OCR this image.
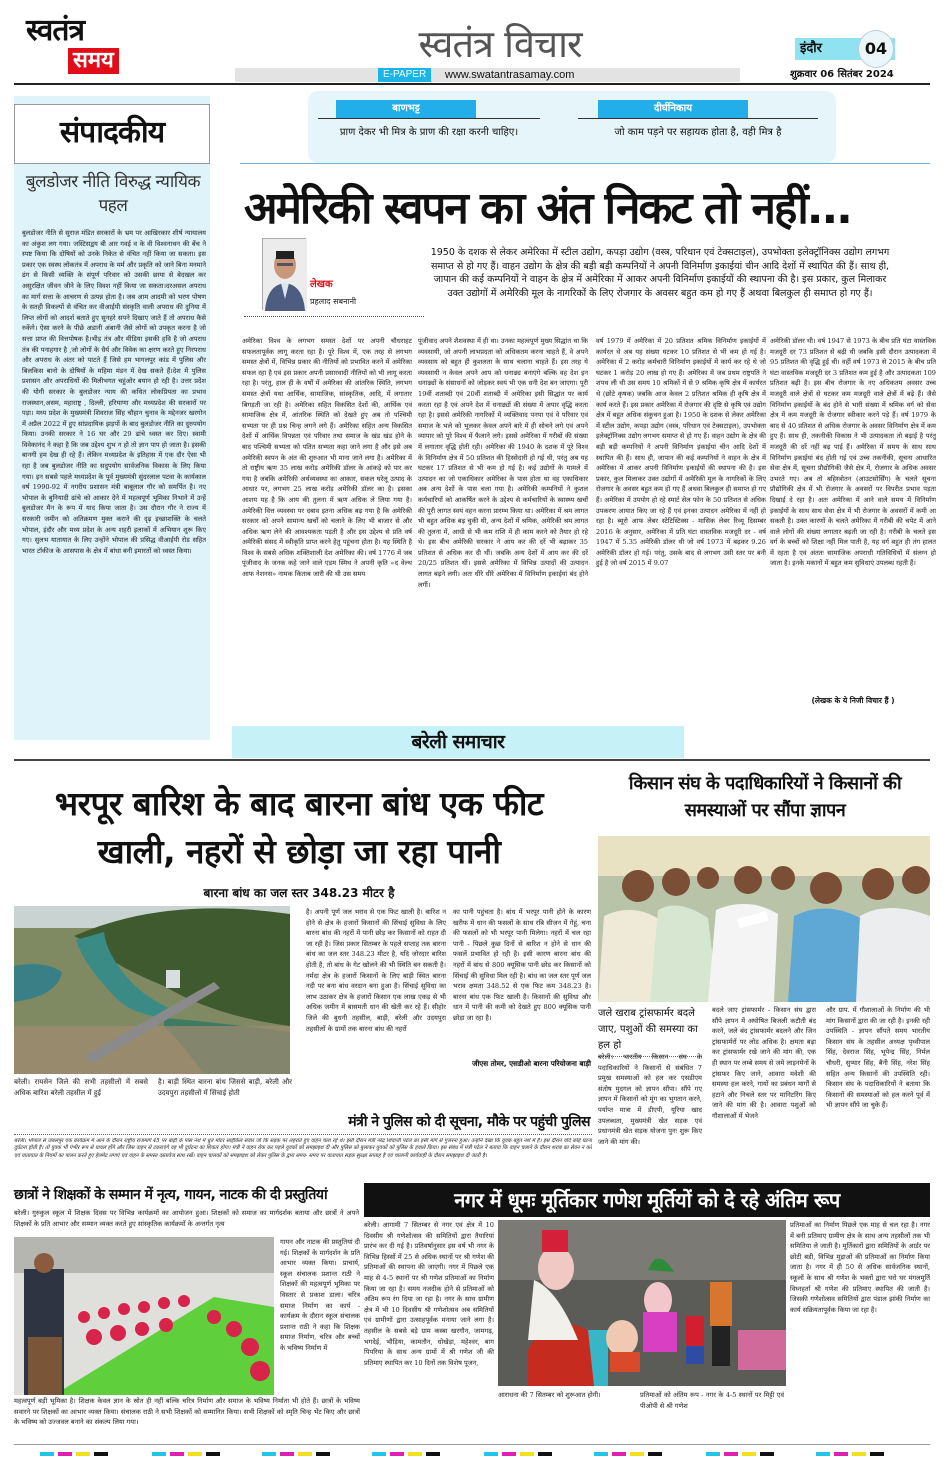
स्वतंत्र
समय	स्वतंत्र विचार
E-PAPER	www.swatantrasamay.com
इंदौर	04
शुक्रवार 06 सितंबर 2024
संपादकीय
बुलडोजर नीति विरुद्ध न्यायिक पहल
बुलडोजर नीति से सुराज मंडित सरकारों के भ्रम पर आखिरकार शीर्ष न्यायालय का अंकुश लग गया। जस्टिसद्वय बी आर गवई व के वी विश्वनाथन की बेंच ने स्पष्ट किया कि दोषियों को उनके निकेत से वंचित नहीं किया जा सकता। इस प्रकार एक स्वस्थ लोकतंत्र में अपराध के मर्म और प्रकृति को जाने बिना मनमाने ढंग से किसी व्यक्ति के संपूर्ण परिवार को उसकी छाया से बेदखल कर असुरक्षित जीवन जीने के लिए विवश नहीं किया जा सकता।दरअसल अपराध का मार्ग सत्ता के आचरण से उत्पन्न होता है। जब आम आदमी को भरण पोषण के सतही विकल्पों से वंचित कर वीआईपी संस्कृति वाली अपराध की दुनिया में लिप्त लोगों को आदर्श बताते हुए सुनहरे सपने दिखाए जाते हैं तो अपराध कैसे रुकेंगे। ऐसा करने के पीछे अडानी अंबानी जैसे लोगों को उपकृत करना है जो सत्ता प्राप्त की वित्तपोषक है।भीड़ तंत्र और मीडिया इसकी हवि है जो अपराध तंत्र की पनाहगार है ,जो लोगों के धैर्य और विवेक का क्षरण करते हुए निरपराध और अपराध के अंतर को पाटते हैं जिसे हम भागलपुर कांड में पुलिस और बिलकिस बानो के दोषियों के महिमा मंडन में देख सकते हैं।देश में पुलिस प्रशासन और अपराधियों की मिलीभगत चहुंओर बयान हो रही है। उत्तर प्रदेश की योगी सरकार के बुलडोजर न्याय की कथित लोकप्रियता का प्रभाव राजस्थान,असम, महाराष्ट्र , दिल्ली, हरियाणा और मध्यप्रदेश की सरकारों पर पड़ा। मध्य प्रदेश के मुख्यमंत्री शिवराज सिंह चौहान चुनाव के मद्देनजर खरगोन में अप्रैल 2022 में हुए सांप्रदायिक झड़पों के बाद बुलडोजर नीति का दुरुपयोग किया। उनकी सरकार ने 16 घर और 29 ढांचे ध्वस्त कर दिए। स्वामी विवेकानंद ने कहा है कि जब उद्देश्य शुभ न हो तो ज्ञान पाप हो जाता है। इसकी बानगी हम देख ही रहे हैं। लेकिन मध्यप्रदेश के इतिहास में एक दौर ऐसा भी रहा है जब बुलडोजर नीति का सदुपयोग सार्वजनिक विकास के लिए किया गया। इन सबसे पहले मध्यप्रदेश के पूर्व मुख्यमंत्री सुंदरलाल पटवा के कार्यकाल वर्ष 1990-92 में नगरीय प्रशासन मंत्री बाबूलाल गौर को समर्पित है। नए भोपाल के बुनियादी ढांचे को आकार देने में महत्वपूर्ण भूमिका निभाने में उन्हें बुलडोजर मैन के रूप में याद किया जाता है। उस दौरान गौर ने राज्य में सरकारी जमीन को अतिक्रमण मुक्त कराने की दृढ़ इच्छाशक्ति के चलते भोपाल, इंदौर और मध्य प्रदेश के अन्य शहरी इलाकों में अभियान शुरू किए गए। सुलभ यातायात के लिए उन्होंने भोपाल की प्रसिद्ध वीआईपी रोड सहित भारत टॉकीज के आसपास के क्षेत्र में बांधा बनी इमारतों को ध्वस्त किया।
बाणभट्ट
प्राण देकर भी मित्र के प्राण की रक्षा करनी चाहिए।
दीर्घनिकाय
जो काम पड़ने पर सहायक होता है, वही मित्र है
अमेरिकी स्वपन का अंत निकट तो नहीं...
लेखक
प्रहलाद सबनानी
1950 के दशक से लेकर अमेरिका में स्टील उद्योग, कपड़ा उद्योग (वस्त्र, परिधान एवं टेक्सटाइल), उपभोक्ता इलेक्ट्रॉनिक्स उद्योग लगभग समाप्त से हो गए हैं। वाहन उद्योग के क्षेत्र की बड़ी बड़ी कम्पनियों ने अपनी विनिर्माण इकाईयां चीन आदि देशों में स्थापित की हैं। साथ ही, जापान की कई कम्पनियों ने वाहन के क्षेत्र में अमेरिका में आकर अपनी विनिर्माण इकाईयों की स्थापना की है। इस प्रकार, कुल मिलाकर उक्त उद्योगों में अमेरिकी मूल के नागरिकों के लिए रोजगार के अवसर बहुत कम हो गए हैं अथवा बिलकुल ही समाप्त हो गए हैं।
अमेरिका विश्व के लगभग समस्त देशों पर अपनी चौधराहट सफलतापूर्वक लागू करता रहा है। पूरे विश्व में, एक तरह से लगभग समस्त क्षेत्रों में, विभिन्न प्रकार की नीतियों को प्रभावित करने में अमेरिका सफल रहा है एवं इस प्रकार अपनी प्रसारवादी नीतियों को भी लागू करता रहा है। परंतु, हाल ही के वर्षों में अमेरिका की आंतरिक स्थिति, लगभग समस्त क्षेत्रों यथा आर्थिक, सामाजिक, सांस्कृतिक, आदि, में लगातार बिगड़ती जा रही है। अमेरिका सहित विकसित देशों की, आर्थिक एवं सामाजिक क्षेत्र में, आंतरिक स्थिति को देखते हुए अब तो पश्चिमी सभ्यता पर ही प्रश्न चिन्ह लगने लगे हैं। अमेरिका सहित अन्य विकसित देशों में आर्थिक विपन्नता एवं परिवार तथा समाज के खंड खंड होने के बाद पश्चिमी सभ्यता को पतित सभ्यता कहा जाने लगा है और इसे अब अमेरिकी स्वपन के अंत की शुरुआत भी माना जाने लगा है। अमेरिका में तो राष्ट्रीय ऋण 35 लाख करोड़ अमेरिकी डॉलर के आंकड़े को पार कर गया है जबकि अमेरिकी अर्थव्यवस्था का आकार, सकल घरेलू उत्पाद के आधार पर, लगभग 25 लाख करोड़ अमेरिकी डॉलर का है। इसका आशय यह है कि आय की तुलना में ऋण अधिक ले लिया गया है। अमेरिकी वित्त व्यवस्था पर दबाव इतना अधिक बढ़ गया है कि अमेरिकी सरकार को अपने सामान्य खर्चों को चलाने के लिए भी बाजार से और अधिक ऋण लेने की आवश्यकता पड़ती है और इस उद्देश्य से प्रति वर्ष अमेरिकी संसद में स्वीकृति प्राप्त करने हेतु पहुंचना होता है। यह स्थिति है विश्व के सबसे अधिक शक्तिशाली देश अमेरिका की। वर्ष 1776 में जब पूंजीवाद के जनक कहे जाने वाले एडम स्मिथ ने अपनी कृति «द वेल्थ आफ नेशनस» नामक किताब जारी की थी उस समय
पूंजीवाद अपने शैशवस्था में ही था। उनका महत्वपूर्ण मुख्य सिद्धांत था कि व्यवसायी, जो अपनी लाभप्रदता को अधिकतम करना चाहते हैं, वे अपने व्यवसाय को बहुत ही कुशलता के साथ चलाना चाहते हैं। इस तरह ये व्यवसायी न केवल अपने आप को धनाढ्य बनाएंगे बल्कि वह देश इन धनाढ्यों के संसाधनों को जोड़कर स्वयं भी एक धनी देश बन जाएगा। पूरी 19वीं शताब्दी एवं 20वीं शताब्दी में अमेरिका इसी सिद्धांत पर कार्य करता रहा है एवं अपने देश में धनाढ्यों की संख्या में अपार वृद्धि करता रहा है। इससे अमेरिकी नागरिकों में व्यक्तिवाद पनपा एवं वे परिवार एवं समाज के भले को भूलकर केवल अपने बारे में ही सोचने लगे एवं अपने व्यापार को पूरे विश्व में फैलाने लगे। इससे अमेरिका में गरीबों की संख्या में लगातार वृद्धि होती रही। अमेरिका की 1940 के दशक में पूरे विश्व के विनिर्माण क्षेत्र में 50 प्रतिशत की हिस्सेदारी हो गई थी, परंतु अब यह घटकर 17 प्रतिशत से भी कम हो गई है। कई उद्योगों के मामले में उत्पादन का जो एकाधिकार अमेरिका के पास होता था वह एकाधिकार अब अन्य देशों के पास चला गया है। अमेरिकी कम्पनियों ने कुशल कर्मचारियों को आकर्षित करने के उद्देश्य से कर्मचारियों के स्वास्थ्य खर्चों की पूरी लागत स्वयं वहन करना प्रारम्भ किया था। अमेरिका में श्रम लागत भी बहुत अधिक बढ़ चुकी थी, अन्य देशों में श्रमिक, अमेरिकी श्रम लागत की तुलना में, आधी से भी कम राशि में ही काम करने को तैयार हो रहे थे। इस बीच अमेरिकी सरकार ने आय कर की दरें भी बढ़ाकर 35 प्रतिशत से अधिक कर दी थीं। जबकि अन्य देशों में आय कर की दरें 20/25 प्रतिशत थीं। इससे अमेरिका में विभिन्न उत्पादों की उत्पादन लागत बढ़ने लगी। अतः धीरे धीरे अमेरिका में विनिर्माण इकाईयां बंद होने लगीं।
वर्ष 1979 में अमेरिका में 20 प्रतिशत श्रमिक विनिर्माण इकाईयों में कार्यरत थे अब यह संख्या घटकर 10 प्रतिशत से भी कम हो गई है। अमेरिका में 2 करोड़ कर्मचारी विनिर्माण इकाईयों में कार्य कर रहे थे जो घटकर 1 करोड़ 20 लाख हो गए हैं। अमेरिका में जब प्रथम राष्ट्रपति ने शपथ ली थी उस समय 10 श्रमिकों में से 9 श्रमिक कृषि क्षेत्र में कार्यरत थे (छोटे कृषक) जबकि आज केवल 2 प्रतिशत श्रमिक ही कृषि क्षेत्र में कार्य करते हैं। इस प्रकार अमेरिका में रोजगार की दृष्टि से कृषि एवं उद्योग क्षेत्र में बहुत अधिक संकुचन हुआ है। 1950 के दशक से लेकर अमेरिका में स्टील उद्योग, कपड़ा उद्योग (वस्त्र, परिधान एवं टेक्सटाइल), उपभोक्ता इलेक्ट्रॉनिक्स उद्योग लगभग समाप्त से हो गए हैं। वाहन उद्योग के क्षेत्र की बड़ी बड़ी कम्पनियों ने अपनी विनिर्माण इकाईयां चीन आदि देशों में स्थापित की हैं। साथ ही, जापान की कई कम्पनियों ने वाहन के क्षेत्र में अमेरिका में आकर अपनी विनिर्माण इकाईयों की स्थापना की है। इस प्रकार, कुल मिलाकर उक्त उद्योगों में अमेरिकी मूल के नागरिकों के लिए रोजगार के अवसर बहुत कम हो गए हैं अथवा बिलकुल ही समाप्त हो गए हैं। अमेरिका में उपयोग हो रहे स्मार्ट सेल फोन के 50 प्रतिशत से अधिक उपकरण आयात किए जा रहे हैं एवं इनका उत्पादन अमेरिका में नहीं हो रहा है। ब्यूरो आफ लेबर स्टेटिस्टिक्स - मासिक लेबर रिव्यू दिसम्बर 2016 के अनुसार, अमेरिका में प्रति घंटा वास्तविक मजदूरी दर - वर्ष 1947 में 5.35 अमेरिकी डॉलर थी जो वर्ष 1973 में बढ़कर 9.26 अमेरिकी डॉलर हो गई। परंतु, उसके बाद से लगभग उसी स्तर पर बनी हुई है जो वर्ष 2015 में 9.07
अमेरिकी डॉलर थी। वर्ष 1947 से 1973 के बीच प्रति घंटा वास्तविक मजदूरी दर 73 प्रतिशत से बढ़ी थी जबकि इसी दौरान उत्पादकता में 95 प्रतिशत की वृद्धि हुई थी। वहीं वर्ष 1973 से 2015 के बीच प्रति घंटा वास्तविक मजदूरी दर 3 प्रतिशत कम हुई है और उत्पादकता 109 प्रतिशत बढ़ी है। इस बीच रोजगार के नए अधिकतम अवसर उच्च मजदूरी वाले क्षेत्रों से घटकर कम मजदूरी वाले क्षेत्रों में बढ़े हैं। जैसे विनिर्माण इकाईयों के बंद होने से भारी संख्या में श्रमिक वर्ग को सेवा क्षेत्र में कम मजदूरी के रोजगार स्वीकार करने पड़े हैं। वर्ष 1979 के बाद से 40 प्रतिशत से अधिक रोजगार के अवसर विनिर्माण क्षेत्र में कम हुए हैं। साथ ही, तकनीकी विकास ने भी उत्पादकता तो बढ़ाई है परंतु मजदूरी की दरें नहीं बढ़ पाई हैं। अमेरिका में समय के साथ साथ विनिर्माण इकाईयां बंद होती गई एवं उच्च तकनीकी, सूचना आधारित सेवा क्षेत्र में, सूचना प्रौद्योगिकी जैसे क्षेत्र में, रोजगार के अधिक अवसर उभरते गए। अब तो बहिस्त्रोतन (आउटसोर्सिंग) के चलते सूचना प्रौद्योगिकी क्षेत्र में भी रोजगार के अवसरों पर विपरीत प्रभाव पड़ता दिखाई दे रहा है। अतः अमेरिका में आने वाले समय में विनिर्माण इकाईयों के साथ साथ सेवा क्षेत्र में भी रोजगार के अवसरों में कमी आ सकती है। उक्त कारणों के चलते अमेरिका में गरीबी की चपेट में आने वाले लोगों की संख्या लगातार बढ़ती जा रही है। गरीबी के चलते इस वर्ग के बच्चों को शिक्षा नहीं मिल पाती है, यह वर्ग बहुत ही तंग हालत में रहता है एवं अंततः सामाजिक अपराधी गतिविधियों में संलग्न हो जाता है। इनके मकानों में बहुत कम सुविधाएं उपलब्ध रहती हैं।
(लेखक के ये निजी विचार हैं )
बरेली समाचार
भरपूर बारिश के बाद बारना बांध एक फीट खाली, नहरों से छोड़ा जा रहा पानी
बारना बांध का जल स्तर 348.23 मीटर है
बरेली। रायसेन जिले की सभी तहसीलों में सबसे अधिक बारिश बरेली तहसील में हुई
है। बाड़ी स्थित बारना बांध जिससे बाड़ी, बरेली और उदयपुरा तहसीलों में सिंचाई होती
है। अपनी पूर्ण जल भराव से एक फिट खाली है। बारिश न होने से क्षेत्र के हजारों किसानों की सिंचाई सुविधा के लिए बारना बांध की नहरों में पानी छोड़ कर किसानों को राहत दी जा रही है। जिस प्रकार सितम्बर के पहले सप्ताह तक बारना बांध का जल स्तर 348.23 मीटर है, यदि जोरदार बारिश होती है, तो बांध के गेट खोलने की भी स्थिति बन सकती है। नर्मदा क्षेत्र के हजारों किसानों के लिए बाड़ी स्थित बारना नदी पर बना बांध वरदान बना हुआ है। सिंचाई सुविधा का लाभ उठाकर क्षेत्र के हजारों किसान एक लाख एकड़ से भी अधिक जमीन में बासमती धान की खेती कर रहे हैं। सीहोर जिले की बुधनी तहसील, बाड़ी, बरेली और उदयपुरा तहसीलों के ग्रामों तक बारना बांध की नहरों
का पानी पहुंचता है। बांध में भरपूर पानी होने के कारण खरीफ में धान की फसलों के साथ रबि सीजन में गेहूं, चना की फसलों को भी भरपूर पानी मिलेगा। नहरों में चल रहा पानी - पिछले कुछ दिनों से बारिश न होने से धान की फसलें प्रभावित हो रही है। इसी कारण बारना बांध की नहरों में बांध से 800 क्यूसिक पानी छोड कर किसानों को सिंचाई की सुविधा मिल रही है। बांध का जल स्तर पूर्ण जल भराव क्षमता 348.52 से एक फिट कम 348.23 है। बारना बांध एक फिट खाली है। किसानों की सुविधा और धान में पानी की कमी को देखते हुए 800 क्यूसिक पानी छोड़ा जा रहा है।
जीएस तोमर, एसडीओ बारना परियोजना बाड़ी
मंत्री ने पुलिस को दी सूचना, मौके पर पहुंची पुलिस
बरेली। भोपाल से जबलपुर एक कार्यक्रम में आने के दौरान राष्ट्रीय राजमार्ग 45 पर बाड़ी के पास नशे में धुत मोटर साईकिल सवार जो कि सड़क पर लहराते हुए वाहन चला रहे थे। इसी दौरान मंत्री नरेंद्र शिवाजी पटेल का इसी मार्ग से गुजरना हुआ। उन्होंने देखा कि युवक बहुत नशे में हैं। इस दौरान यदि कोई घटना दुर्घटना होती है। तो युवक भी गंभीर रूप से घायल होंगे और जिस वाहन से टकराएंगे वह भी दुर्घटना का शिकार होगा। मंत्री ने वाहन रोक कर पहले युवकों को समझाइश दी और पुलिस को बुलाकर युवकों को पुलिस के हवाले किया। इस संबंध में मंत्री पटेल ने बताया कि वाहन चलाने के दौरान शराब का सेवन न करें एवं यातायात के नियमों का पालन करते हुए हेलमेट लगाएं एवं वाहन के समस्त दस्तावेज साथ रखें। वाहन चालकों को समझाइश को लेकर पुलिस के द्वारा समय- समय पर यातायात सड़क सुरक्षा सप्ताह है एवं चालानी कार्यवाही के दौरान समझाइश दी जाती है।
किसान संघ के पदाधिकारियों ने किसानों की समस्याओं पर सौंपा ज्ञापन
जले खराब ट्रांसफार्मर बदले जाए, पशुओं की समस्या का हल हो
बरेली। भारतीय किसान संघ के पदाधिकारियों ने किसानों से संबंधित 7 प्रमुख समस्याओं को हल कर एसडीएम संतोष मुदगल को ज्ञापन सौंपा। सौंपे गए ज्ञापन में किसानों को मूंग का भुगतान करने, पर्याप्त मात्रा में डीएपी, यूरिया खाद उपलब्धता, मुख्यमंत्री खेत सड़क एवं प्रधानमंत्री खेत सड़क योजना पुनः शुरू किए जाने की मांग की।
बदले जाए ट्रांसफार्मर - किसान संघ द्वारा सौंपे ज्ञापन में अघोषित बिजली कटौती बंद करने, जले बंद ट्रांसफार्मर बदलने और जिन ट्रांसफार्मरों पर लोड अधिक है। क्षमता बढ़ा कर ट्रांसफार्मर रखे जाने की मांग की, एक ही स्थान पर लम्बे समय से जमे लाइनमेनों के ट्रांसफर किए जाने, आवारा मवेशी की समस्या हल करने, गायों का प्रबंधन मार्गों से हटाने और निचले स्तर पर मानिटरिंग किए जाने की मांग की है। आवारा पशुओं को गौशालाओं में भेजने
और ग्राप. में गौशालाओं के निर्माण की भी मांग किसानों द्वारा की जा रही है। इनकी रही उपस्थिति - ज्ञापन सौंपते समय भारतीय किसान संघ के तहसील अध्यक्ष पृथ्वीपाल सिंह, देवराज सिंह, भूपेन्द्र सिंह, निर्मल चौधरी, सुप्यार सिंह, बैनी सिंह, नरेश सिंह सहित अन्य किसानों की उपस्थिति रही। किसान संघ के पदाधिकारियों ने बताया कि किसानों की समस्याओं को हल करने पूर्व में भी ज्ञापन सौंपे जा चुके हैं।
छात्रों ने शिक्षकों के सम्मान में नृत्य, गायन, नाटक की दी प्रस्तुतियां
बरेली। गुरुकुल स्कूल में शिक्षक दिवस पर विभिन्न कार्यक्रमों का आयोजन हुआ। शिक्षकों को समाज का मार्गदर्शक बताया और छात्रों ने अपने शिक्षकों के प्रति आभार और सम्मान व्यक्त करते हुए सांस्कृतिक कार्यक्रमों के अन्तर्गत नृत्य
गायन और नाटक की प्रस्तुतियां दी गई। शिक्षकों के मार्गदर्शन के प्रति आभार व्यक्त किया। प्राचार्य, स्कूल संचालक प्रशान्त राठी ने शिक्षकों की महत्वपूर्ण भूमिका पर विस्तार से प्रकाश डाला। चरित्र समाज निर्माण का कार्य - कार्यक्रम के दौरान स्कूल संचालक प्रशान्त राठी ने कहा कि शिक्षक समाज निर्माण, चरित्र और बच्चों के भविष्य निर्माण में
महत्वपूर्ण बड़ी भूमिका है। शिक्षक केवल ज्ञान के स्रोत ही नहीं बल्कि चरित्र निर्माण और समाज के भविष्य निर्माता भी होते हैं। छात्रों के भविष्य सवारने पर शिक्षकों का आभार व्यक्त किया। संचालक राठी ने सभी शिक्षकों को सम्मानित किया। सभी शिक्षकों को स्मृति चिन्ह भेंट किए और छात्रों के भविष्य को उज्जवल बनाने का संकल्प लिया गया।
नगर में धूमः मूर्तिकार गणेश मूर्तियों को दे रहे अंतिम रूप
बरेली। आगामी 7 सितम्बर से नगर एवं क्षेत्र में 10 दिवसीय श्री गणेशोत्सव की समितियों द्वारा तैयारियां प्रारंभ कर दी गई है। प्रतिवर्षानुसार इस वर्ष भी नगर के विभिन्न हिस्सों में 25 से अधिक स्थानों पर श्री गणेश की प्रतिमाओं की स्थापना की जाएगी। नगर में पिछले एक माह से 4-5 स्थानों पर श्री गणेश प्रतिमाओं का निर्माण किया जा रहा है। समय नजदीक होने से प्रतिमाओं को अंतिम रूप रंग दिया जा रहा है। नगर के साथ ग्रामीण क्षेत्र में भी 10 दिवसीय श्री गणेशोत्सव अब समितियों एवं ग्रामीणों द्वारा उत्साहपूर्वक मनाया जाने लगा है। तहसील के सबसे बड़े ग्राम कस्बा खरगौन, जामगढ़, भगदेई, भौड़िया, कामतौन, धोखेड़ा, महेश्वर, बाग पिपरिया के साथ अन्य ग्रामों में श्री गणेश जी की प्रतिमाए स्थापित कर 10 दिनों तक विशेष पूजन,
आराधना की 7 सितम्बर को शुरूआत होगी।	प्रतिमाओं को अंतिम रूप - नगर के 4-5 स्थानों पर मिट्टी एवं पीओपी से श्री गणेश
प्रतिमाओं का निर्माण पिछले एक माह से चल रहा है। नगर में बनी प्रतिमाए ग्रामीण क्षेत्र के साथ अन्य तहसीलों तक भी समितिया ले जाती है। मूर्तिकारों द्वारा समितियों के आर्डर पर छोटी बडी, विभिन्न मुद्राओं की प्रतिमाओं का निर्माण किया जाता है। नगर में ही 50 से अधिक सार्वजनिक स्थानों, स्कूलों के साथ श्री गणेश के भक्तों द्वारा घरो घर मंगलमूर्ति विघ्नहर्ता श्री गणेश की प्रतिमाए स्थापित की जाती है। जिसकी गणेशोत्सव समितियों द्वारा पंडाल झांकी निर्माण का कार्य सक्रियतापूर्वक किया जा रहा है।
